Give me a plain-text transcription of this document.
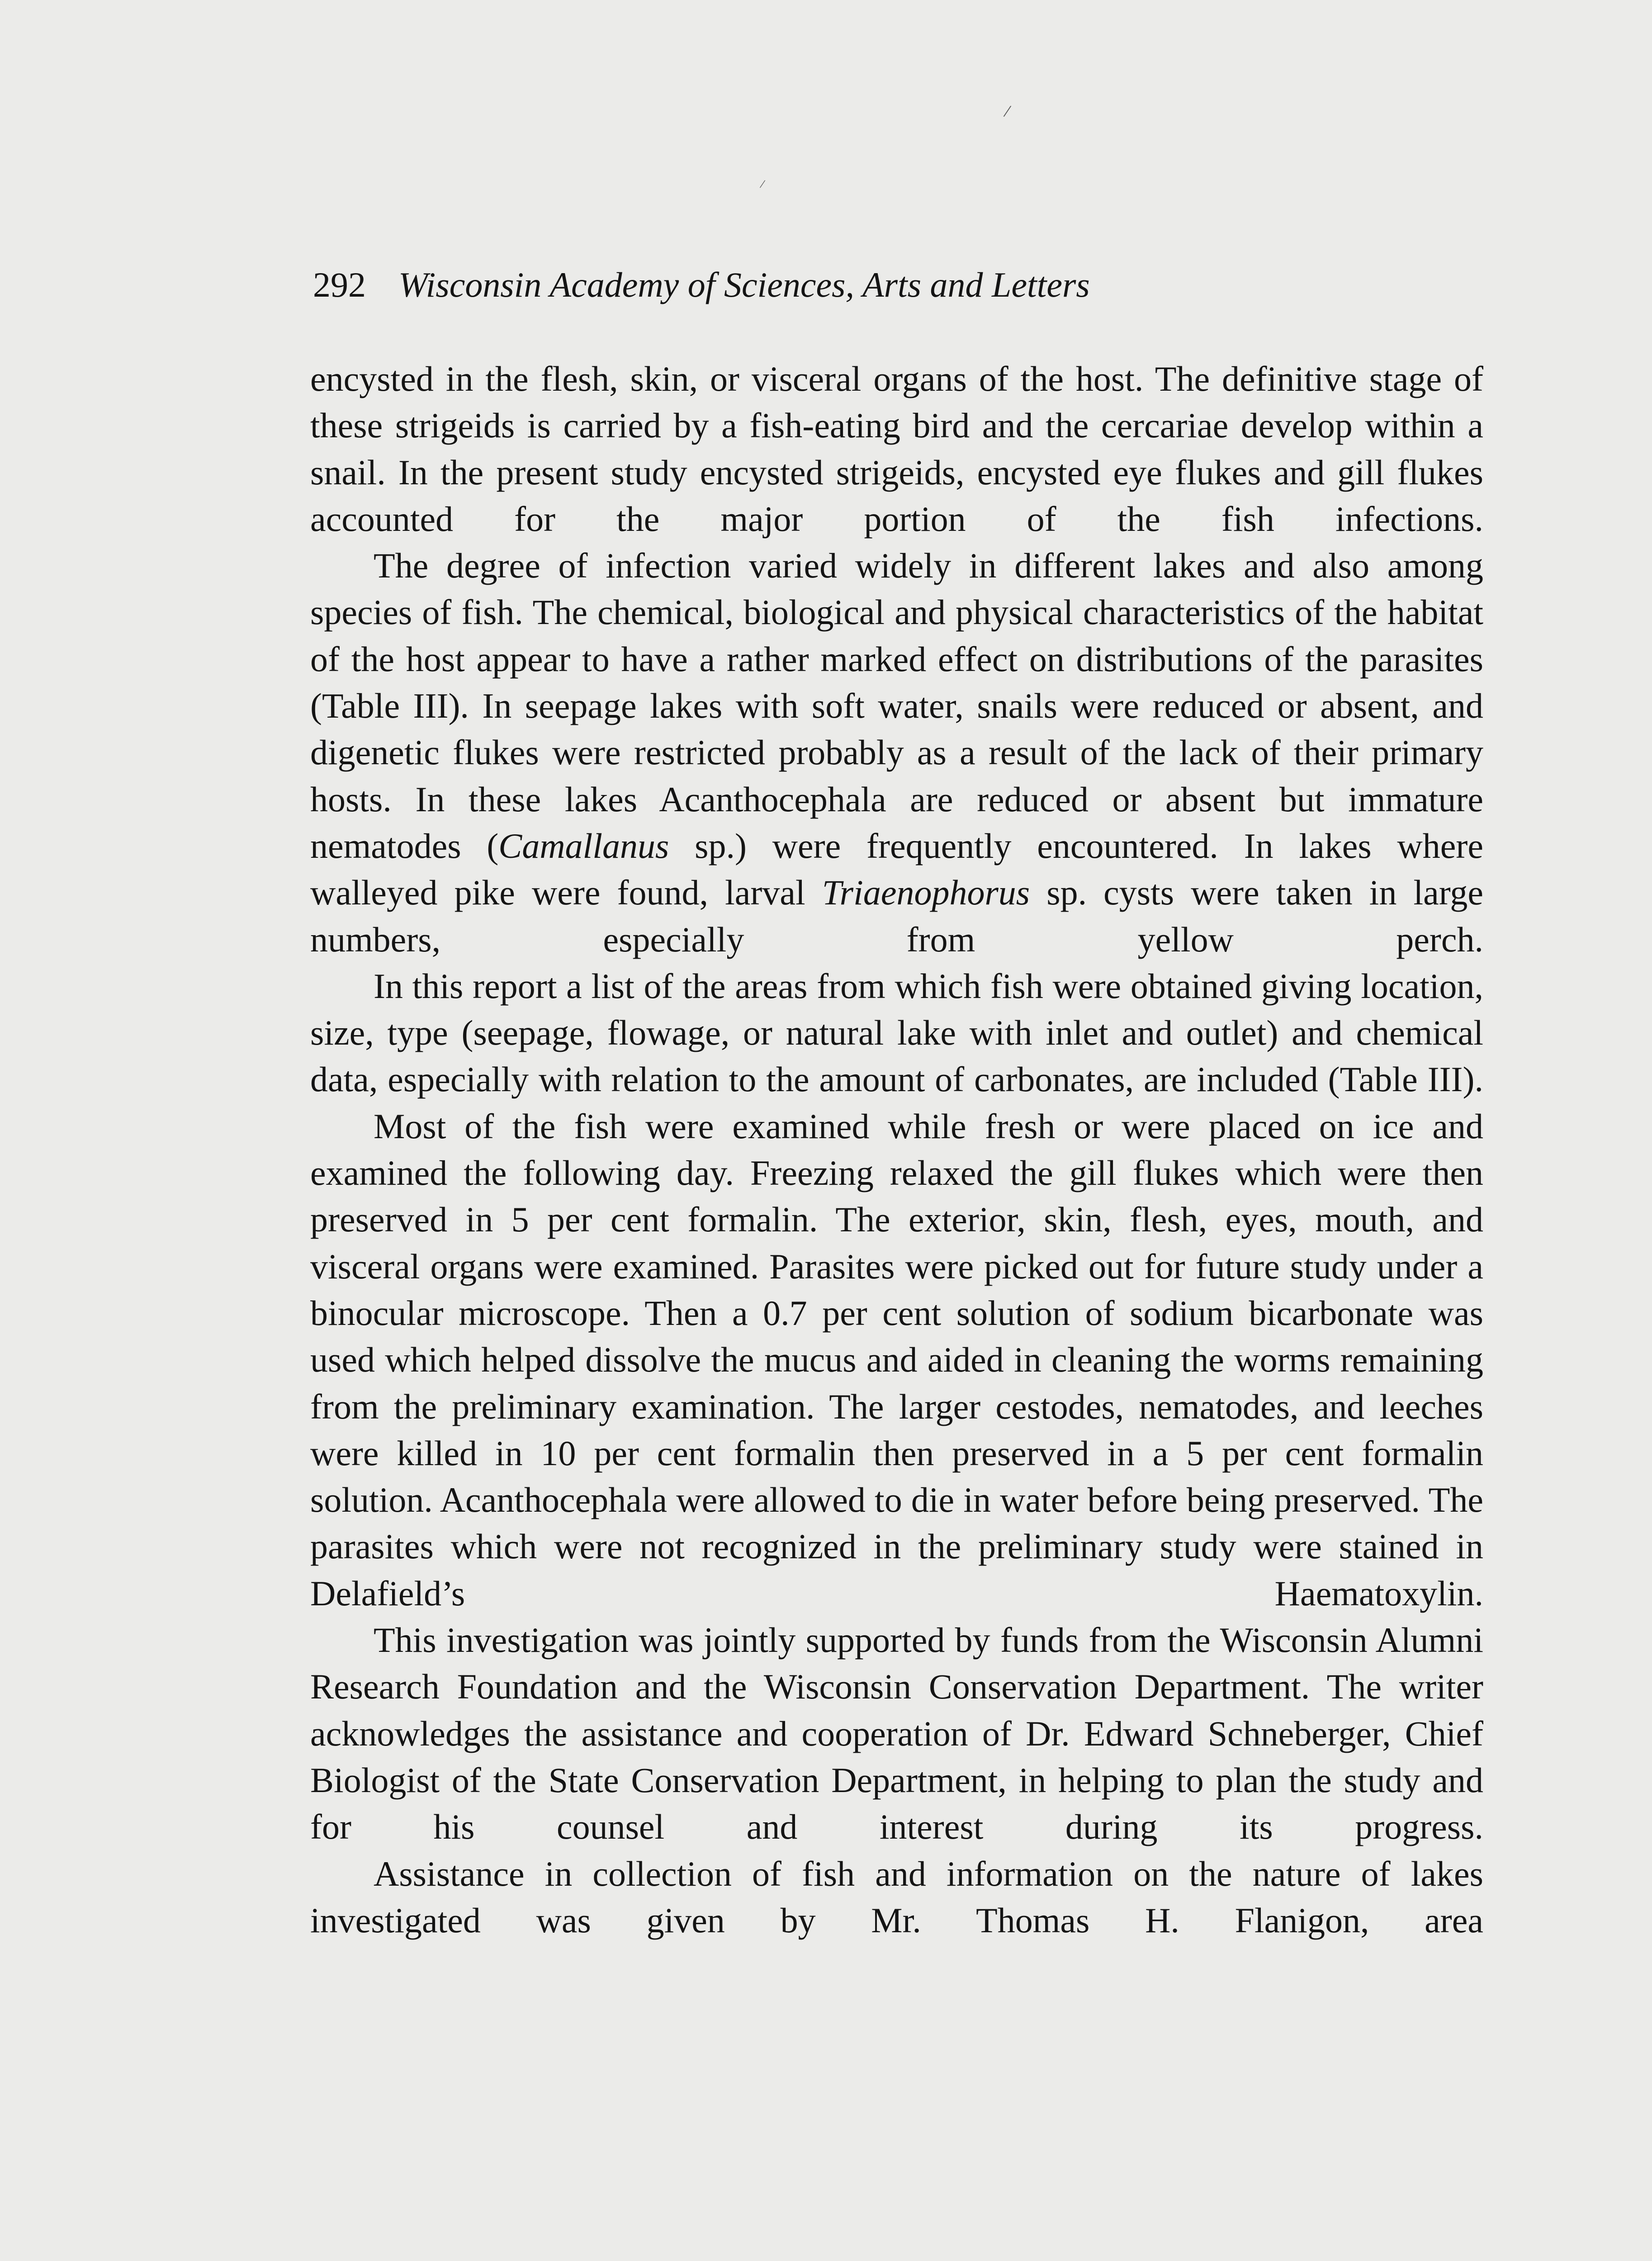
/
/
292 Wisconsin Academy of Sciences, Arts and Letters

encysted in the flesh, skin, or visceral organs of the host. The definitive stage of these strigeids is carried by a fish-eating bird and the cercariae develop within a snail. In the present study encysted strigeids, encysted eye flukes and gill flukes accounted for the major portion of the fish infections.

The degree of infection varied widely in different lakes and also among species of fish. The chemical, biological and physical characteristics of the habitat of the host appear to have a rather marked effect on distributions of the parasites (Table III). In seepage lakes with soft water, snails were reduced or absent, and digenetic flukes were restricted probably as a result of the lack of their primary hosts. In these lakes Acanthocephala are reduced or absent but immature nematodes (Camallanus sp.) were frequently encountered. In lakes where walleyed pike were found, larval Triaenophorus sp. cysts were taken in large numbers, especially from yellow perch.

In this report a list of the areas from which fish were obtained giving location, size, type (seepage, flowage, or natural lake with inlet and outlet) and chemical data, especially with relation to the amount of carbonates, are included (Table III).

Most of the fish were examined while fresh or were placed on ice and examined the following day. Freezing relaxed the gill flukes which were then preserved in 5 per cent formalin. The exterior, skin, flesh, eyes, mouth, and visceral organs were examined. Parasites were picked out for future study under a binocular microscope. Then a 0.7 per cent solution of sodium bicarbonate was used which helped dissolve the mucus and aided in cleaning the worms remaining from the preliminary examination. The larger cestodes, nematodes, and leeches were killed in 10 per cent formalin then preserved in a 5 per cent formalin solution. Acanthocephala were allowed to die in water before being preserved. The parasites which were not recognized in the preliminary study were stained in Delafield’s Haematoxylin.

This investigation was jointly supported by funds from the Wisconsin Alumni Research Foundation and the Wisconsin Conservation Department. The writer acknowledges the assistance and cooperation of Dr. Edward Schneberger, Chief Biologist of the State Conservation Department, in helping to plan the study and for his counsel and interest during its progress.

Assistance in collection of fish and information on the nature of lakes investigated was given by Mr. Thomas H. Flanigon, area
